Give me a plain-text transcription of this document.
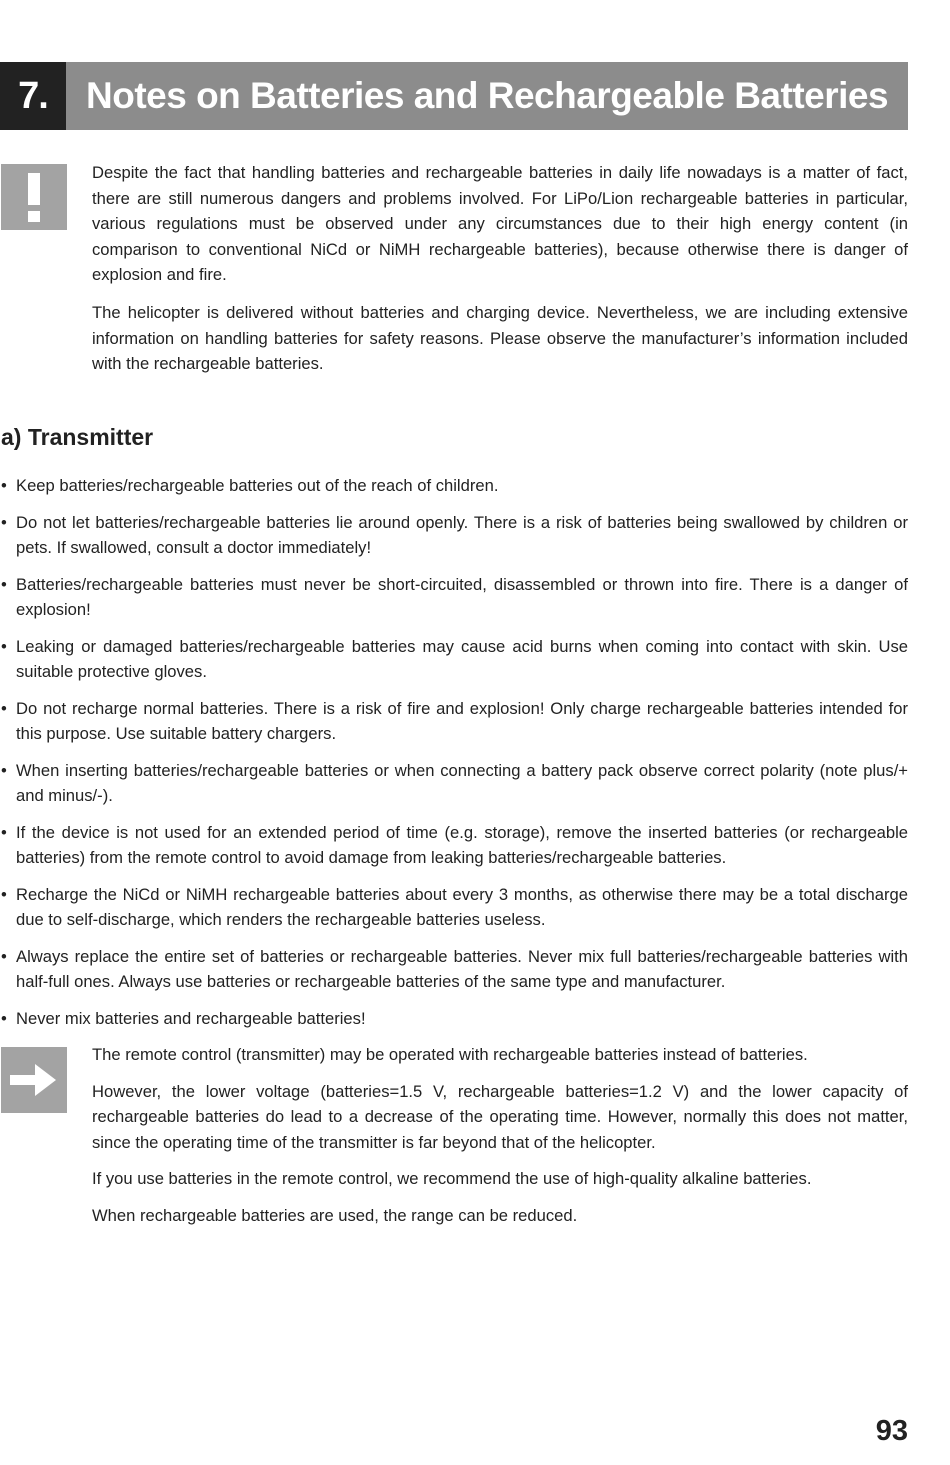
7.	Notes on Batteries and Rechargeable Batteries

Despite the fact that handling batteries and rechargeable batteries in daily life nowadays is a matter of fact, there are still numerous dangers and problems involved. For LiPo/Lion rechargeable batteries in particular, various regulations must be observed under any circumstances due to their high energy content (in comparison to conventional NiCd or NiMH rechargeable batteries), because otherwise there is danger of explosion and fire.

The helicopter is delivered without batteries and charging device. Nevertheless, we are including extensive information on handling batteries for safety reasons. Please observe the manufacturer’s information included with the rechargeable batteries.

a) Transmitter
• Keep batteries/rechargeable batteries out of the reach of children.
• Do not let batteries/rechargeable batteries lie around openly. There is a risk of batteries being swallowed by children or pets. If swallowed, consult a doctor immediately!
• Batteries/rechargeable batteries must never be short-circuited, disassembled or thrown into fire. There is a danger of explosion!
• Leaking or damaged batteries/rechargeable batteries may cause acid burns when coming into contact with skin. Use suitable protective gloves.
• Do not recharge normal batteries. There is a risk of fire and explosion! Only charge rechargeable batteries intended for this purpose. Use suitable battery chargers.
• When inserting batteries/rechargeable batteries or when connecting a battery pack observe correct polarity (note plus/+ and minus/-).
• If the device is not used for an extended period of time (e.g. storage), remove the inserted batteries (or rechargeable batteries) from the remote control to avoid damage from leaking batteries/rechargeable batteries.
• Recharge the NiCd or NiMH rechargeable batteries about every 3 months, as otherwise there may be a total discharge due to self-discharge, which renders the rechargeable batteries useless.
• Always replace the entire set of batteries or rechargeable batteries. Never mix full batteries/rechargeable batteries with half-full ones. Always use batteries or rechargeable batteries of the same type and manufacturer.
• Never mix batteries and rechargeable batteries!

The remote control (transmitter) may be operated with rechargeable batteries instead of batteries.

However, the lower voltage (batteries=1.5 V, rechargeable batteries=1.2 V) and the lower capacity of rechargeable batteries do lead to a decrease of the operating time. However, normally this does not matter, since the operating time of the transmitter is far beyond that of the helicopter.

If you use batteries in the remote control, we recommend the use of high-quality alkaline batteries.

When rechargeable batteries are used, the range can be reduced.

93
